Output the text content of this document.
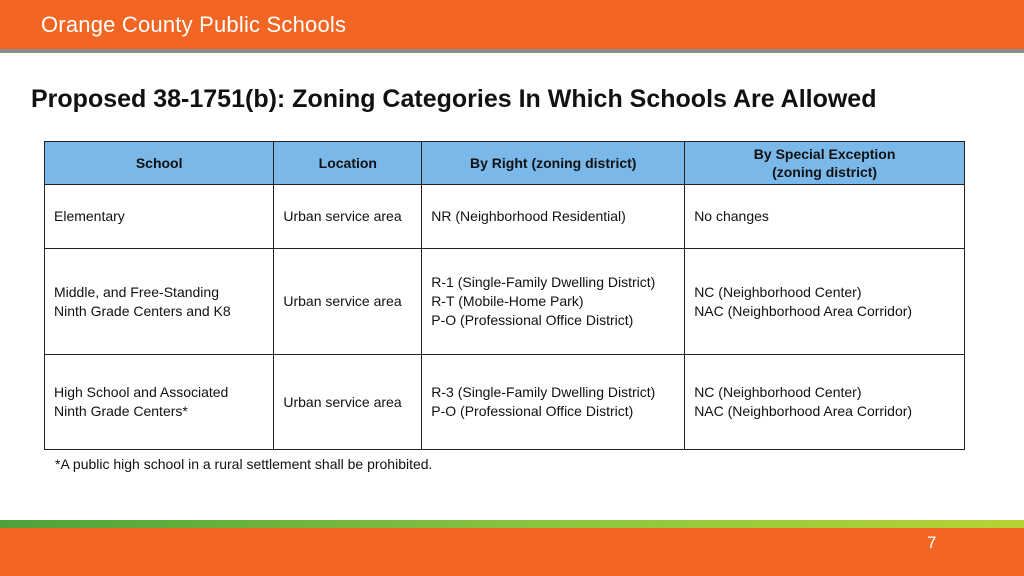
Orange County Public Schools
Proposed 38-1751(b): Zoning Categories In Which Schools Are Allowed
School	Location	By Right (zoning district)	By Special Exception
(zoning district)

Elementary	Urban service area	NR (Neighborhood Residential)	No changes

Middle, and Free-Standing
Ninth Grade Centers and K8	Urban service area	R-1 (Single-Family Dwelling District)
R-T (Mobile-Home Park)
P-O (Professional Office District)	NC (Neighborhood Center)
NAC (Neighborhood Area Corridor)

High School and Associated
Ninth Grade Centers*	Urban service area	R-3 (Single-Family Dwelling District)
P-O (Professional Office District)	NC (Neighborhood Center)
NAC (Neighborhood Area Corridor)
*A public high school in a rural settlement shall be prohibited.
7
